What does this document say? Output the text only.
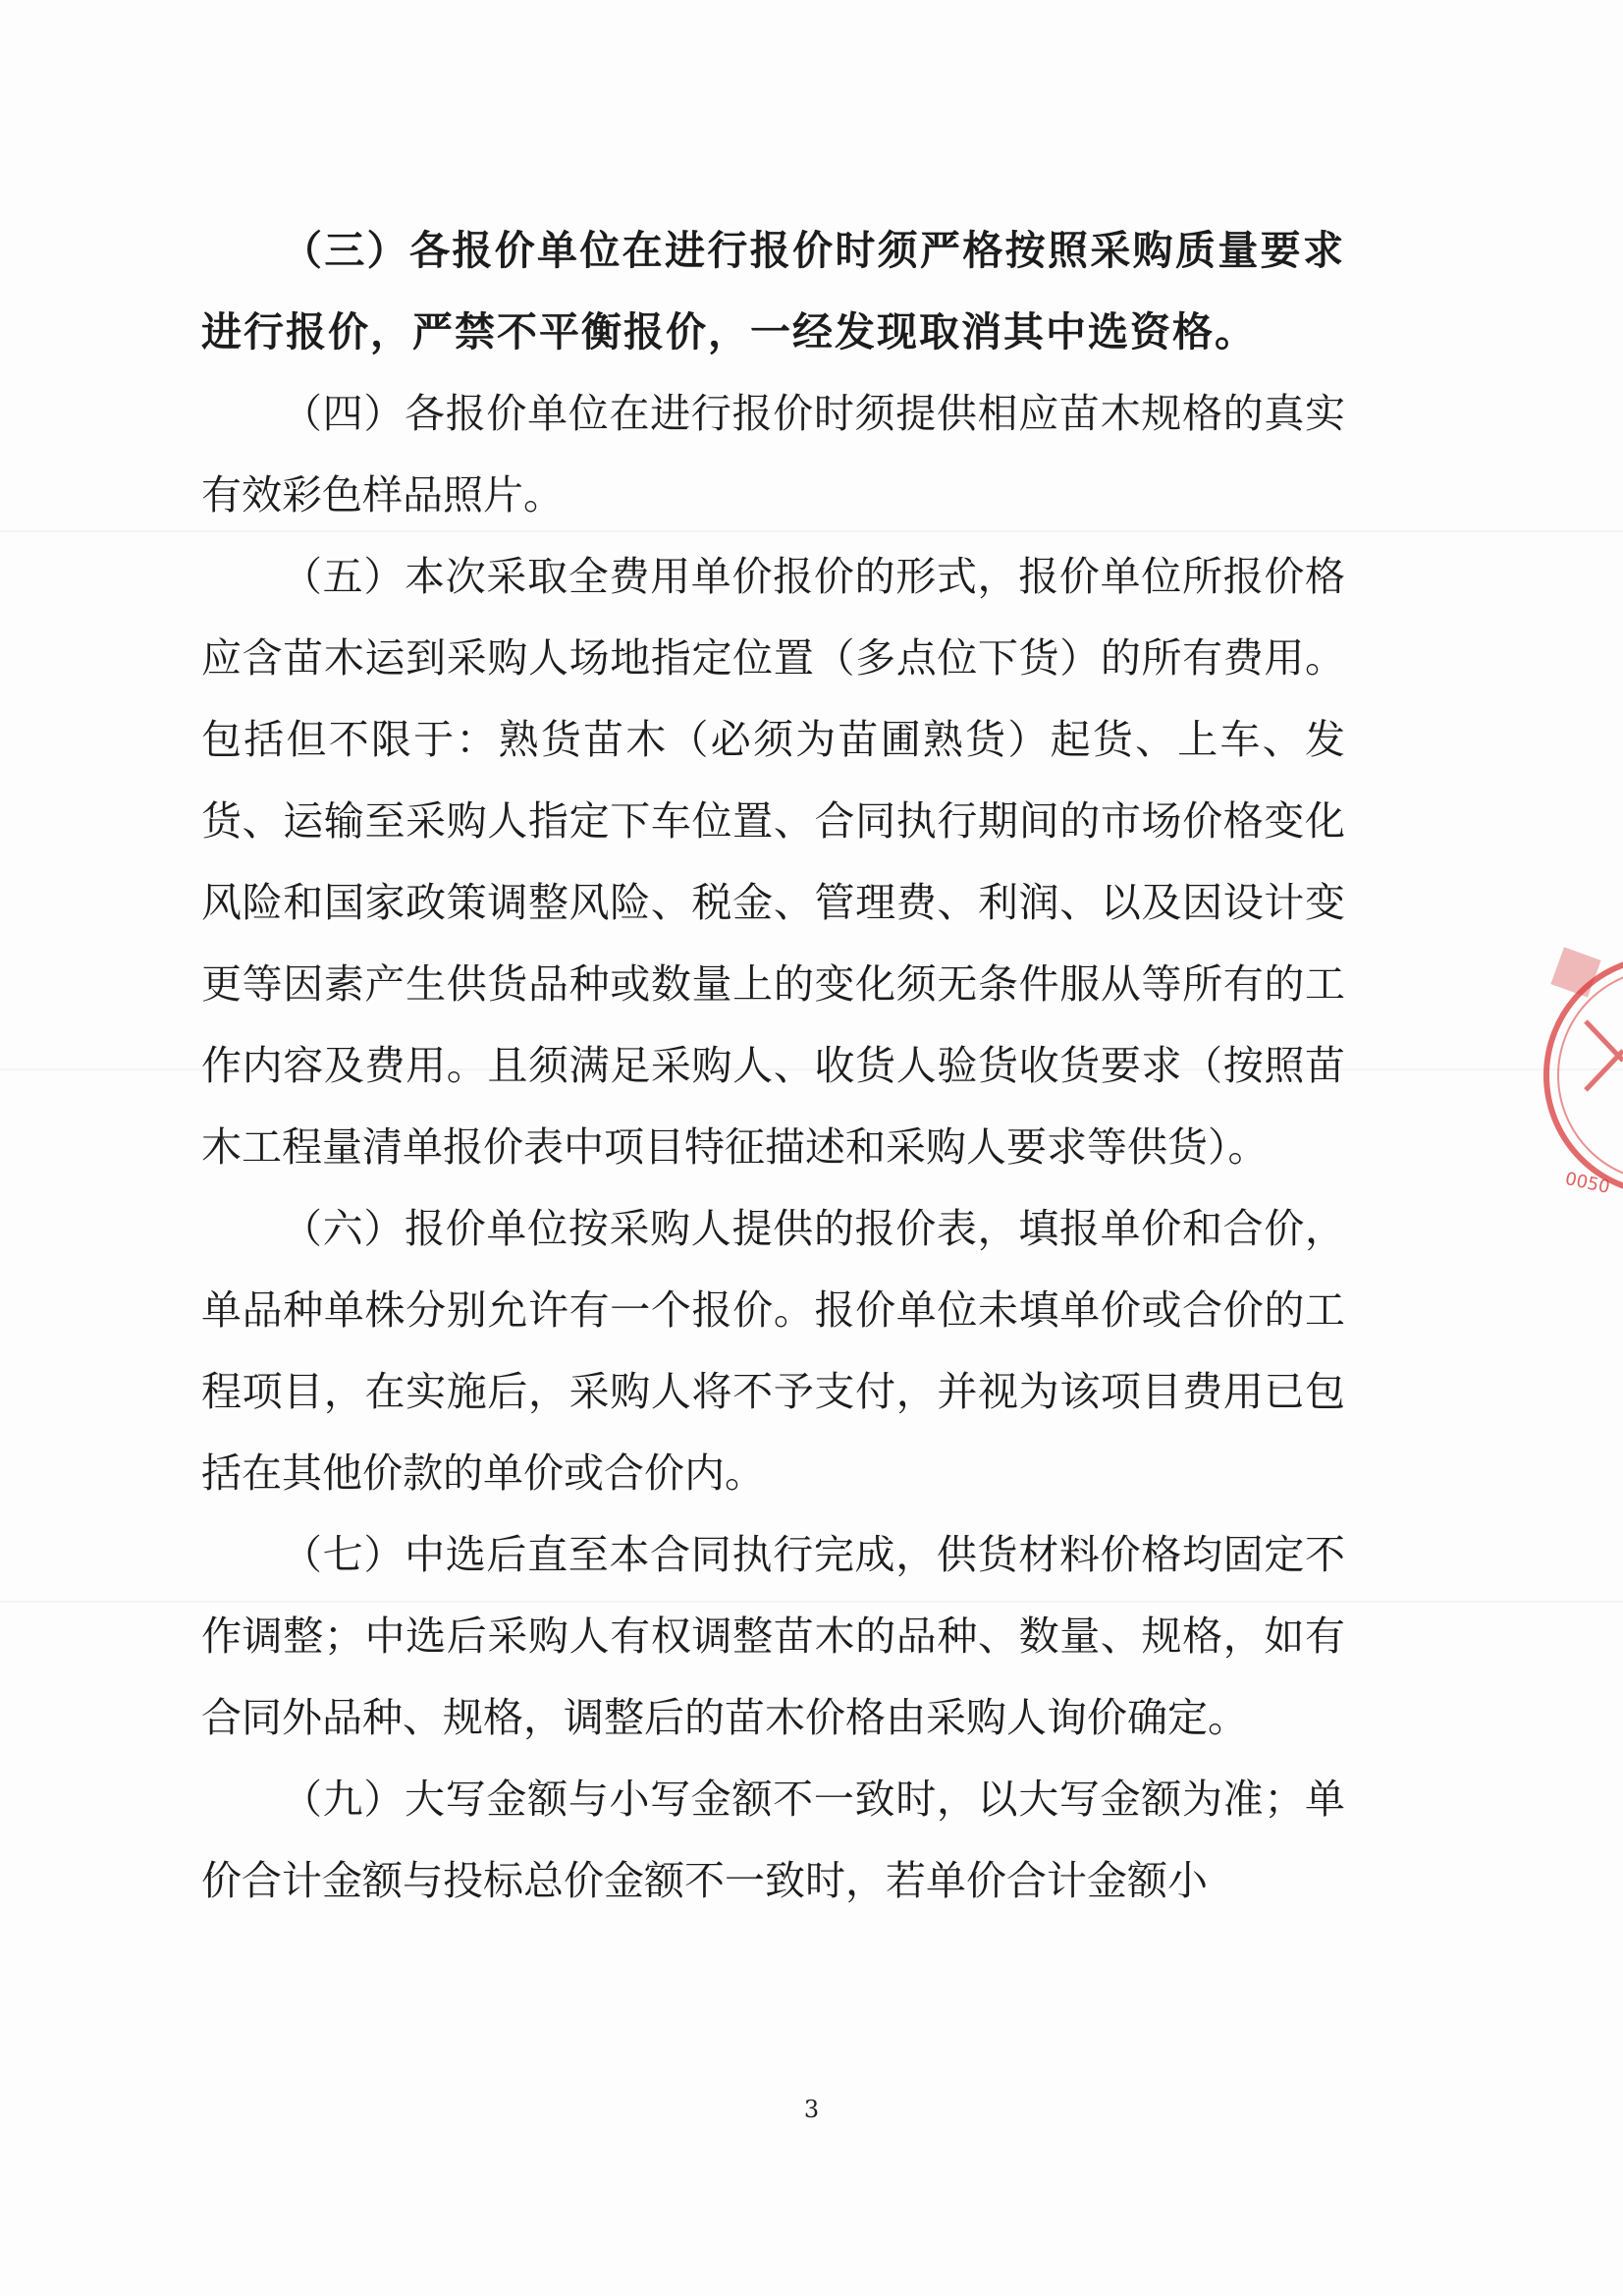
（三）各报价单位在进行报价时须严格按照采购质量要求进行报价，严禁不平衡报价，一经发现取消其中选资格。

（四）各报价单位在进行报价时须提供相应苗木规格的真实有效彩色样品照片。

（五）本次采取全费用单价报价的形式，报价单位所报价格应含苗木运到采购人场地指定位置（多点位下货）的所有费用。包括但不限于：熟货苗木（必须为苗圃熟货）起货、上车、发货、运输至采购人指定下车位置、合同执行期间的市场价格变化风险和国家政策调整风险、税金、管理费、利润、以及因设计变更等因素产生供货品种或数量上的变化须无条件服从等所有的工作内容及费用。且须满足采购人、收货人验货收货要求（按照苗木工程量清单报价表中项目特征描述和采购人要求等供货）。

（六）报价单位按采购人提供的报价表，填报单价和合价，单品种单株分别允许有一个报价。报价单位未填单价或合价的工程项目，在实施后，采购人将不予支付，并视为该项目费用已包括在其他价款的单价或合价内。

（七）中选后直至本合同执行完成，供货材料价格均固定不作调整；中选后采购人有权调整苗木的品种、数量、规格，如有合同外品种、规格，调整后的苗木价格由采购人询价确定。

（九）大写金额与小写金额不一致时，以大写金额为准；单价合计金额与投标总价金额不一致时，若单价合计金额小

0050
3
